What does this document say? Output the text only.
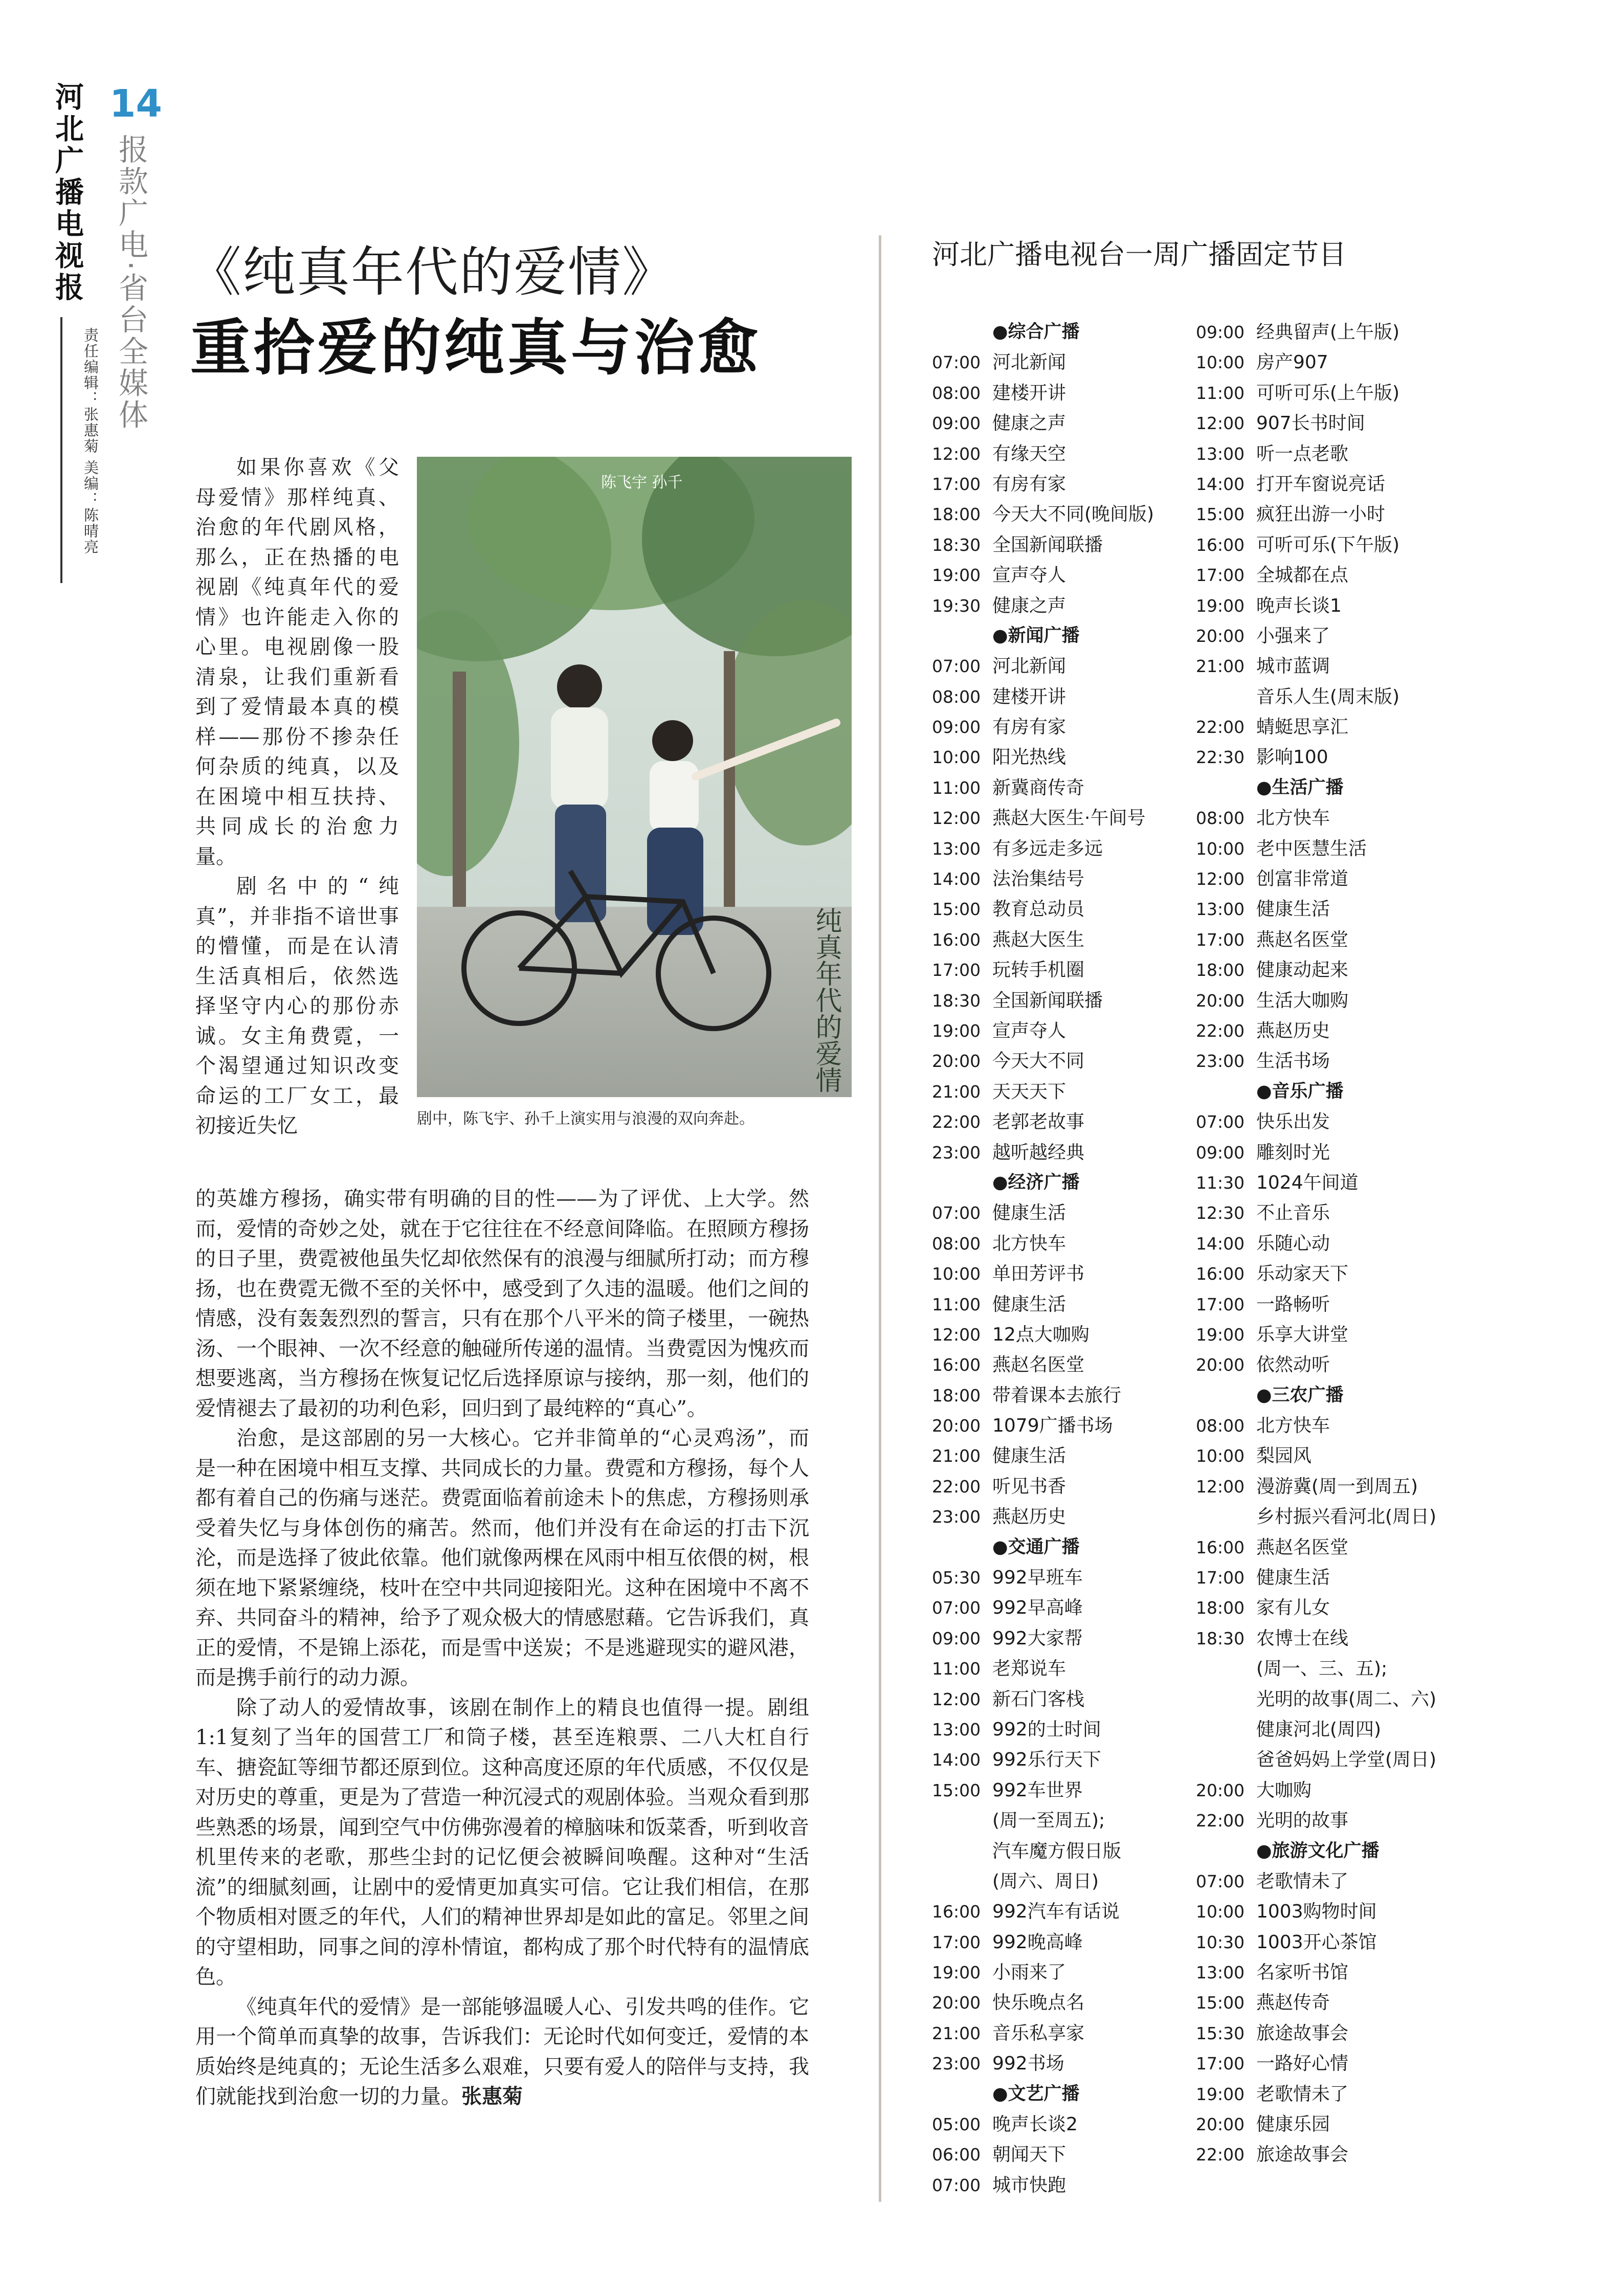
河北广播电视报 14
报款广电·省台全媒体
责任编辑：张惠菊 美编：陈晴亮
《纯真年代的爱情》
重拾爱的纯真与治愈

如果你喜欢《父母爱情》那样纯真、治愈的年代剧风格，那么，正在热播的电视剧《纯真年代的爱情》也许能走入你的心里。电视剧像一股清泉，让我们重新看到了爱情最本真的模样——那份不掺杂任何杂质的纯真，以及在困境中相互扶持、共同成长的治愈力量。

剧名中的“纯真”，并非指不谙世事的懵懂，而是在认清生活真相后，依然选择坚守内心的那份赤诚。女主角费霓，一个渴望通过知识改变命运的工厂女工，最初接近失忆

陈飞宇 孙千
纯真年代的爱情
剧中，陈飞宇、孙千上演实用与浪漫的双向奔赴。

的英雄方穆扬，确实带有明确的目的性——为了评优、上大学。然而，爱情的奇妙之处，就在于它往往在不经意间降临。在照顾方穆扬的日子里，费霓被他虽失忆却依然保有的浪漫与细腻所打动；而方穆扬，也在费霓无微不至的关怀中，感受到了久违的温暖。他们之间的情感，没有轰轰烈烈的誓言，只有在那个八平米的筒子楼里，一碗热汤、一个眼神、一次不经意的触碰所传递的温情。当费霓因为愧疚而想要逃离，当方穆扬在恢复记忆后选择原谅与接纳，那一刻，他们的爱情褪去了最初的功利色彩，回归到了最纯粹的“真心”。

治愈，是这部剧的另一大核心。它并非简单的“心灵鸡汤”，而是一种在困境中相互支撑、共同成长的力量。费霓和方穆扬，每个人都有着自己的伤痛与迷茫。费霓面临着前途未卜的焦虑，方穆扬则承受着失忆与身体创伤的痛苦。然而，他们并没有在命运的打击下沉沦，而是选择了彼此依靠。他们就像两棵在风雨中相互依偎的树，根须在地下紧紧缠绕，枝叶在空中共同迎接阳光。这种在困境中不离不弃、共同奋斗的精神，给予了观众极大的情感慰藉。它告诉我们，真正的爱情，不是锦上添花，而是雪中送炭；不是逃避现实的避风港，而是携手前行的动力源。

除了动人的爱情故事，该剧在制作上的精良也值得一提。剧组1:1复刻了当年的国营工厂和筒子楼，甚至连粮票、二八大杠自行车、搪瓷缸等细节都还原到位。这种高度还原的年代质感，不仅仅是对历史的尊重，更是为了营造一种沉浸式的观剧体验。当观众看到那些熟悉的场景，闻到空气中仿佛弥漫着的樟脑味和饭菜香，听到收音机里传来的老歌，那些尘封的记忆便会被瞬间唤醒。这种对“生活流”的细腻刻画，让剧中的爱情更加真实可信。它让我们相信，在那个物质相对匮乏的年代，人们的精神世界却是如此的富足。邻里之间的守望相助，同事之间的淳朴情谊，都构成了那个时代特有的温情底色。

《纯真年代的爱情》是一部能够温暖人心、引发共鸣的佳作。它用一个简单而真挚的故事，告诉我们：无论时代如何变迁，爱情的本质始终是纯真的；无论生活多么艰难，只要有爱人的陪伴与支持，我们就能找到治愈一切的力量。张惠菊

河北广播电视台一周广播固定节目
●综合广播
07:00 河北新闻
08:00 建楼开讲
09:00 健康之声
12:00 有缘天空
17:00 有房有家
18:00 今天大不同(晚间版)
18:30 全国新闻联播
19:00 宣声夺人
19:30 健康之声
●新闻广播
07:00 河北新闻
08:00 建楼开讲
09:00 有房有家
10:00 阳光热线
11:00 新冀商传奇
12:00 燕赵大医生·午间号
13:00 有多远走多远
14:00 法治集结号
15:00 教育总动员
16:00 燕赵大医生
17:00 玩转手机圈
18:30 全国新闻联播
19:00 宣声夺人
20:00 今天大不同
21:00 天天天下
22:00 老郭老故事
23:00 越听越经典
●经济广播
07:00 健康生活
08:00 北方快车
10:00 单田芳评书
11:00 健康生活
12:00 12点大咖购
16:00 燕赵名医堂
18:00 带着课本去旅行
20:00 1079广播书场
21:00 健康生活
22:00 听见书香
23:00 燕赵历史
●交通广播
05:30 992早班车
07:00 992早高峰
09:00 992大家帮
11:00 老郑说车
12:00 新石门客栈
13:00 992的士时间
14:00 992乐行天下
15:00 992车世界
(周一至周五);
汽车魔方假日版
(周六、周日)
16:00 992汽车有话说
17:00 992晚高峰
19:00 小雨来了
20:00 快乐晚点名
21:00 音乐私享家
23:00 992书场
●文艺广播
05:00 晚声长谈2
06:00 朝闻天下
07:00 城市快跑
09:00 经典留声(上午版)
10:00 房产907
11:00 可听可乐(上午版)
12:00 907长书时间
13:00 听一点老歌
14:00 打开车窗说亮话
15:00 疯狂出游一小时
16:00 可听可乐(下午版)
17:00 全城都在点
19:00 晚声长谈1
20:00 小强来了
21:00 城市蓝调
音乐人生(周末版)
22:00 蜻蜓思享汇
22:30 影响100
●生活广播
08:00 北方快车
10:00 老中医慧生活
12:00 创富非常道
13:00 健康生活
17:00 燕赵名医堂
18:00 健康动起来
20:00 生活大咖购
22:00 燕赵历史
23:00 生活书场
●音乐广播
07:00 快乐出发
09:00 雕刻时光
11:30 1024午间道
12:30 不止音乐
14:00 乐随心动
16:00 乐动家天下
17:00 一路畅听
19:00 乐享大讲堂
20:00 依然动听
●三农广播
08:00 北方快车
10:00 梨园风
12:00 漫游冀(周一到周五)
乡村振兴看河北(周日)
16:00 燕赵名医堂
17:00 健康生活
18:00 家有儿女
18:30 农博士在线
(周一、三、五);
光明的故事(周二、六)
健康河北(周四)
爸爸妈妈上学堂(周日)
20:00 大咖购
22:00 光明的故事
●旅游文化广播
07:00 老歌情未了
10:00 1003购物时间
10:30 1003开心茶馆
13:00 名家听书馆
15:00 燕赵传奇
15:30 旅途故事会
17:00 一路好心情
19:00 老歌情未了
20:00 健康乐园
22:00 旅途故事会
